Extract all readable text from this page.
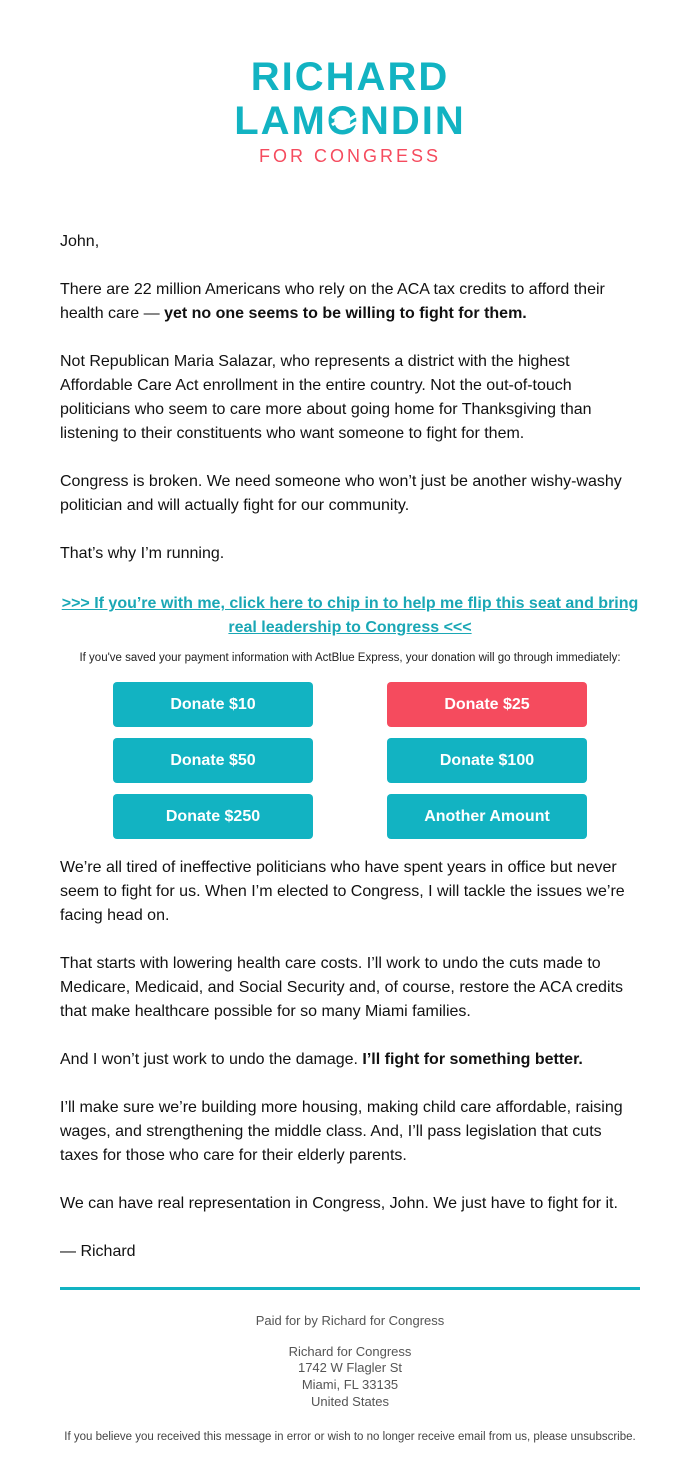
RICHARD
LAMONDIN
FOR CONGRESS

John,

There are 22 million Americans who rely on the ACA tax credits to afford their health care — yet no one seems to be willing to fight for them.

Not Republican Maria Salazar, who represents a district with the highest Affordable Care Act enrollment in the entire country. Not the out-of-touch politicians who seem to care more about going home for Thanksgiving than listening to their constituents who want someone to fight for them.

Congress is broken. We need someone who won’t just be another wishy-washy politician and will actually fight for our community.

That’s why I’m running.

>>> If you’re with me, click here to chip in to help me flip this seat and bring real leadership to Congress <<<
If you've saved your payment information with ActBlue Express, your donation will go through immediately:
Donate $10	Donate $25
Donate $50	Donate $100
Donate $250	Another Amount

We’re all tired of ineffective politicians who have spent years in office but never seem to fight for us. When I’m elected to Congress, I will tackle the issues we’re facing head on.

That starts with lowering health care costs. I’ll work to undo the cuts made to Medicare, Medicaid, and Social Security and, of course, restore the ACA credits that make healthcare possible for so many Miami families.

And I won’t just work to undo the damage. I’ll fight for something better.

I’ll make sure we’re building more housing, making child care affordable, raising wages, and strengthening the middle class. And, I’ll pass legislation that cuts taxes for those who care for their elderly parents.

We can have real representation in Congress, John. We just have to fight for it.

— Richard

Paid for by Richard for Congress
Richard for Congress
1742 W Flagler St
Miami, FL 33135
United States
If you believe you received this message in error or wish to no longer receive email from us, please unsubscribe.
